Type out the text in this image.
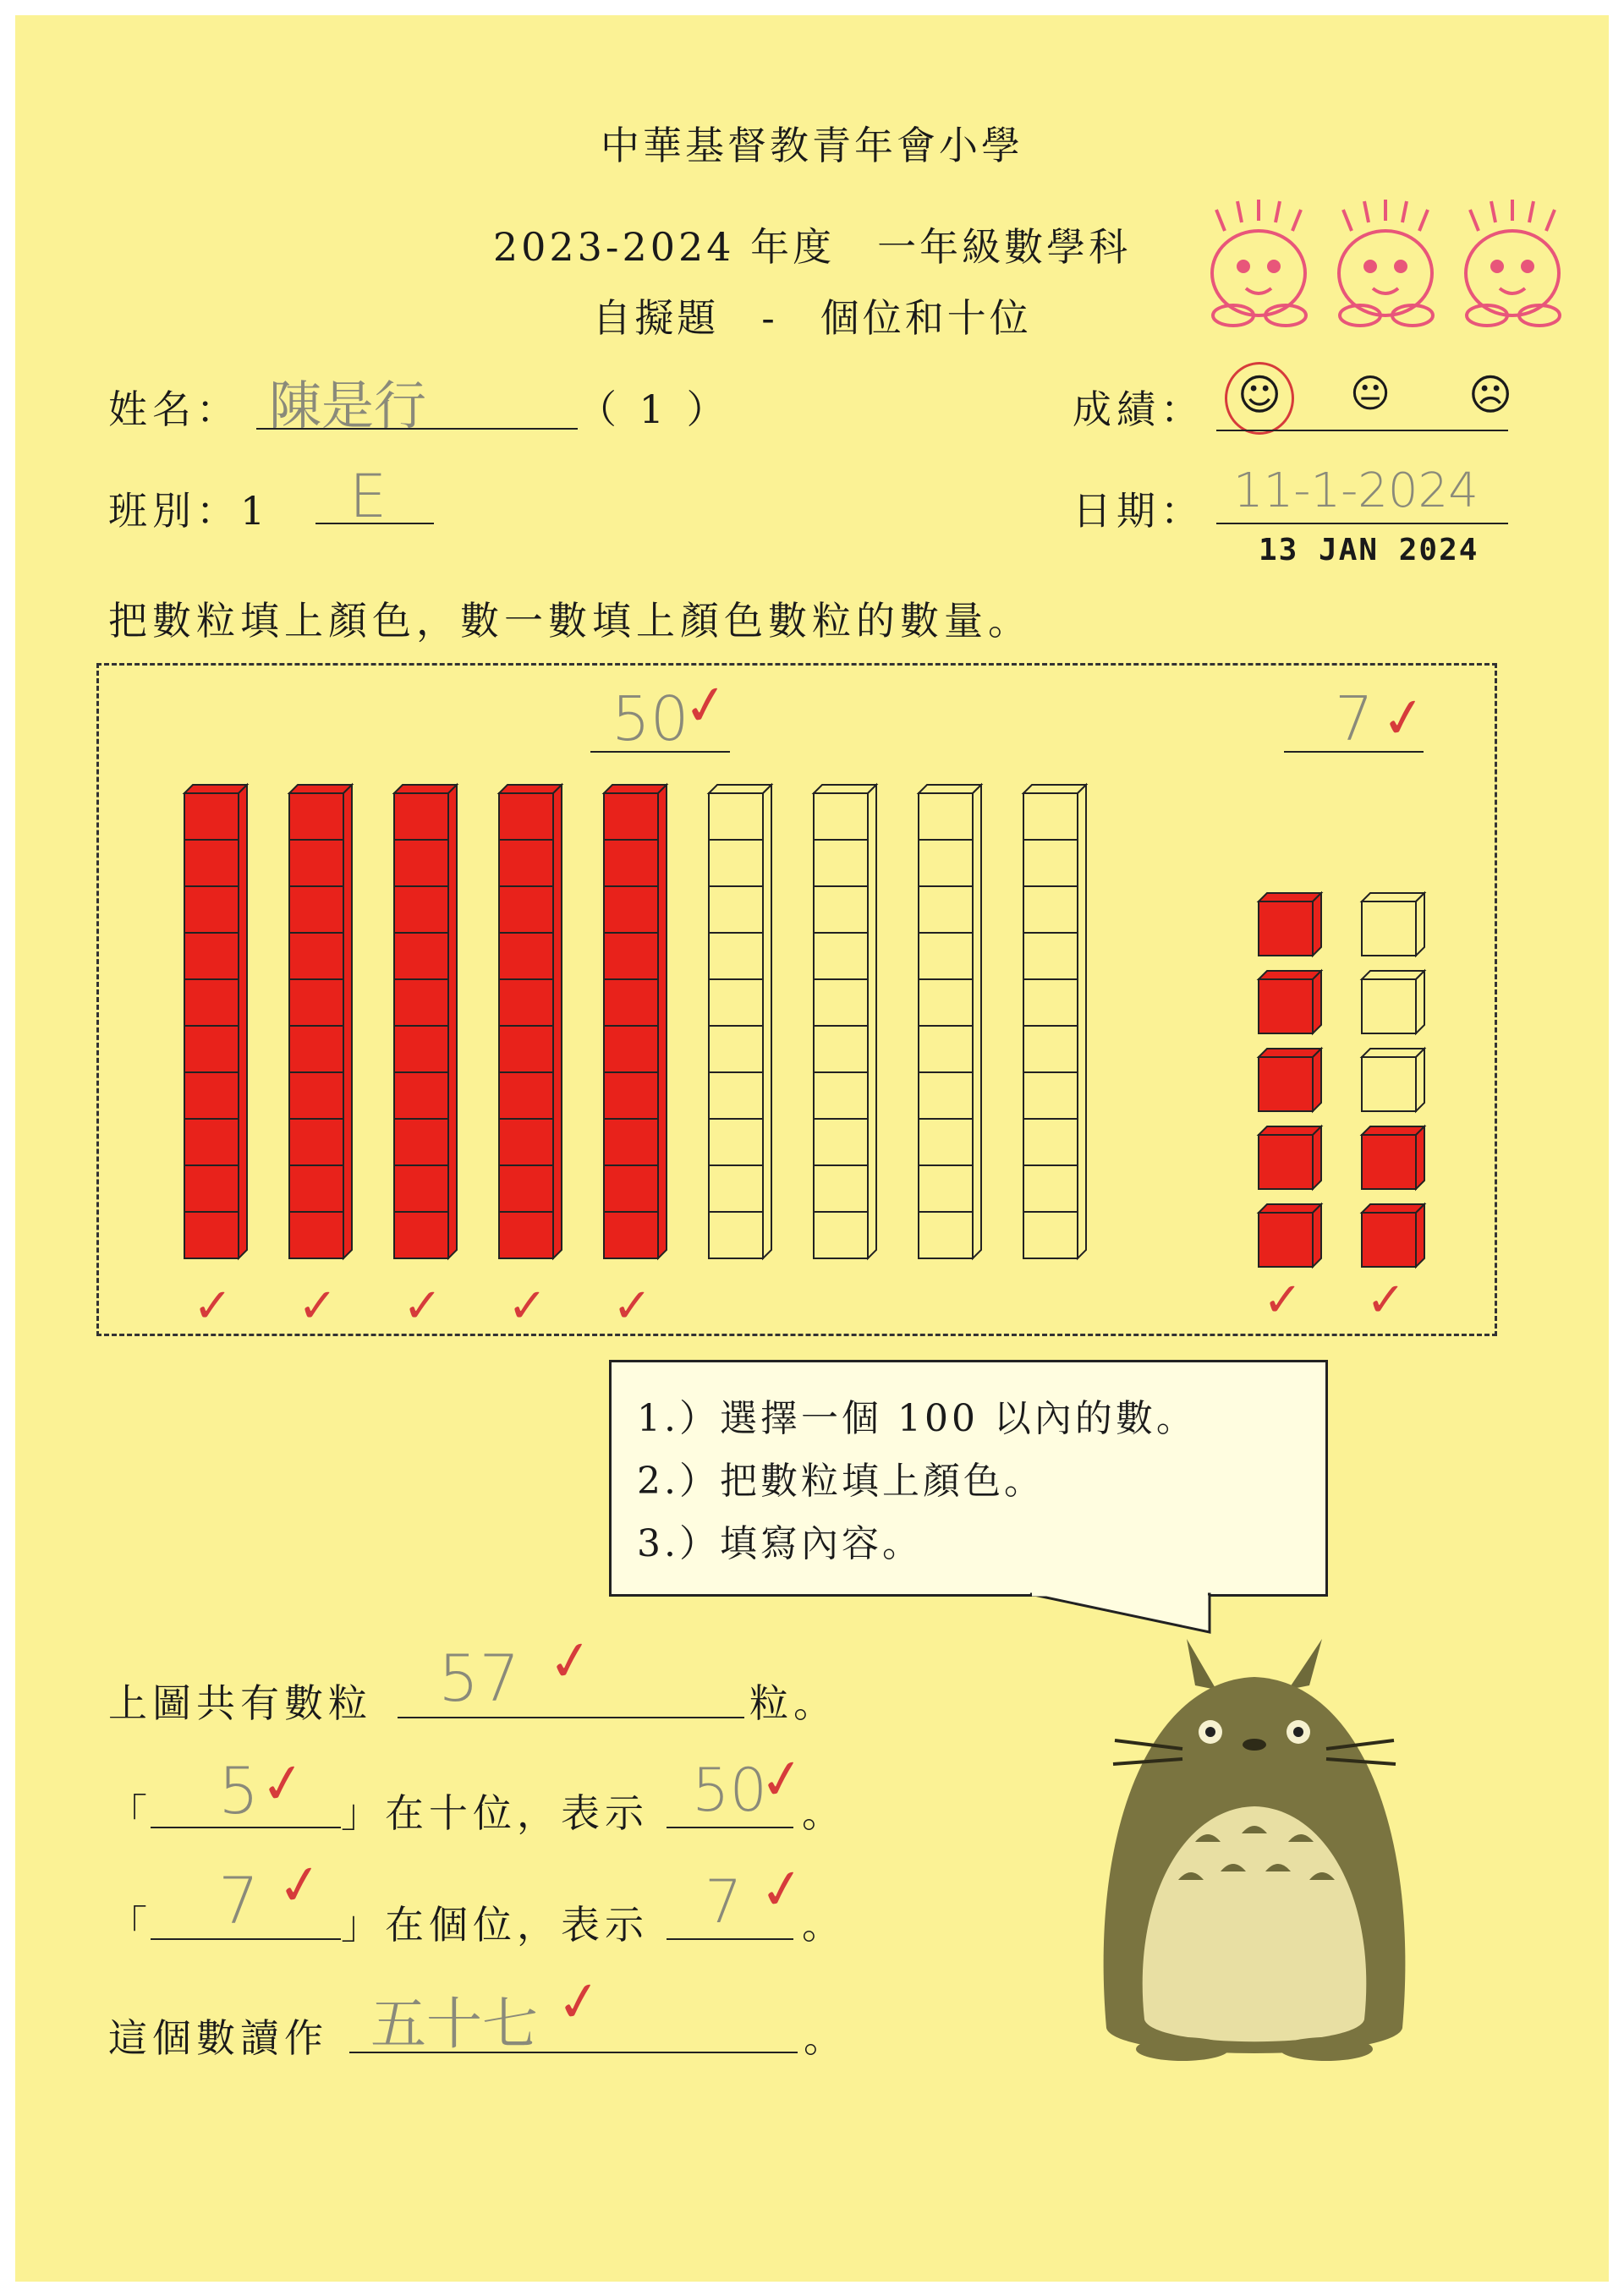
中華基督教青年會小學
2023-2024 年度　一年級數學科
自擬題　-　個位和十位
姓名： 陳是行	（ 1 ）	成績： ☺ 😐 ☹
班別：1 E	日期： 11-1-2024
13 JAN 2024
把數粒填上顏色，數一數填上顏色數粒的數量。
50
✓	7 ✓
✓ ✓ ✓ ✓ ✓	✓ ✓
1.）選擇一個 100 以內的數。
2.）把數粒填上顏色。
3.）填寫內容。
上圖共有數粒 57 ✓
粒。
「 5
✓ 」在十位，表示 50
✓
。
「 7 ✓
」在個位，表示 7 ✓
。
這個數讀作 五十七 ✓
。
